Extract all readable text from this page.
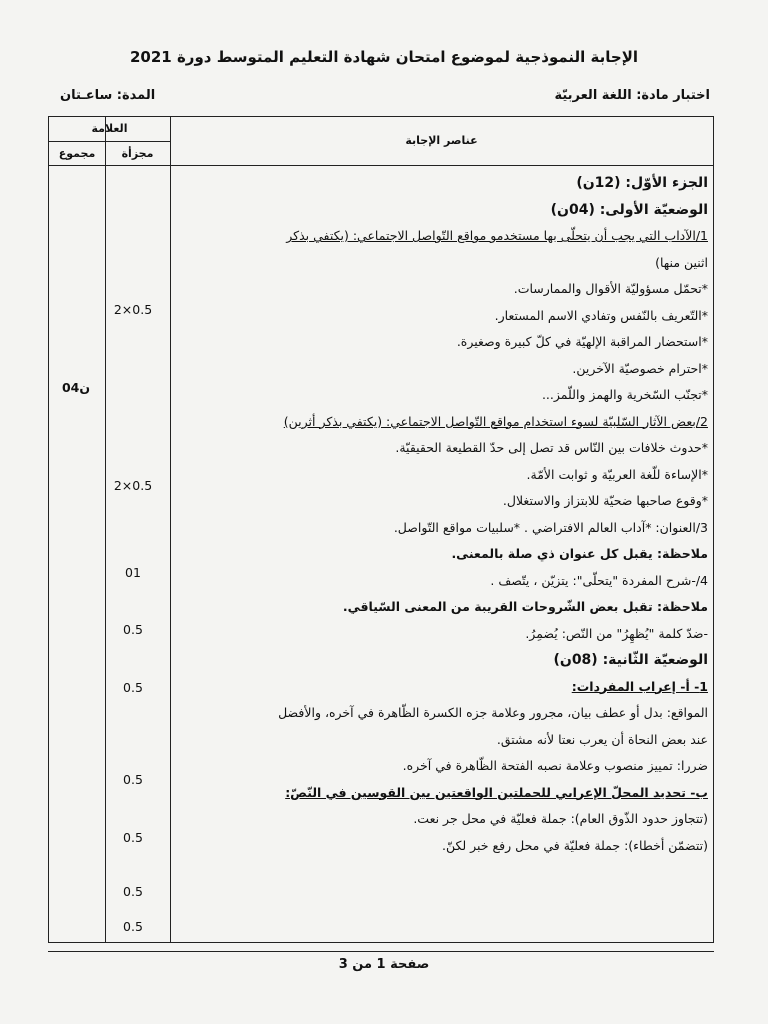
الإجابة النموذجية لموضوع امتحان شهادة التعليم المتوسط دورة 2021
اختبار مادة: اللغة العربيّة
المدة: ساعـتان
العلامة
مجزأة
مجموع
عناصر الإجابة
الجزء الأوّل: (12ن)
الوضعيّة الأولى: (04ن)
1/الآداب التي يجب أن يتحلّى بها مستخدمو مواقع التّواصل الاجتماعي: (يكتفي بذكر
اثنين منها)
*تحمّل مسؤوليّة الأقوال والممارسات.
*التّعريف بالنّفس وتفادي الاسم المستعار.
*استحضار المراقبة الإلهيّة في كلّ كبيرة وصغيرة.
*احترام خصوصيّة الآخرين.
*تجنّب السّخرية والهمز واللّمز...
2/بعض الآثار السّلبيّة لسوء استخدام مواقع التّواصل الاجتماعي: (يكتفي بذكر أثرين)
*حدوث خلافات بين النّاس قد تصل إلى حدّ القطيعة الحقيقيّة.
*الإساءة للّغة العربيّة و ثوابت الأمّة.
*وقوع صاحبها ضحيّة للابتزاز والاستغلال.
3/العنوان: *آداب العالم الافتراضي . *سلبيات مواقع التّواصل.
ملاحظة: يقبل كل عنوان ذي صلة بالمعنى.
4/-شرح المفردة "يتحلّى": يتزيّن ، يتّصف .
ملاحظة: تقبل بعض الشّروحات القريبة من المعنى السّياقي.
-ضدّ كلمة "يُظهِرُ" من النّص: يُضمِرُ.
الوضعيّة الثّانية: (08ن)
1- أ- إعراب المفردات:
المواقع: بدل أو عطف بيان، مجرور وعلامة جزه الكسرة الظّاهرة في آخره، والأفضل
عند بعض النحاة أن يعرب نعتا لأنه مشتق.
ضررا: تمييز منصوب وعلامة نصبه الفتحة الظّاهرة في آخره.
ب- تحديد المحلّ الإعرابي للجملتين الواقعتين بين القوسين في النّصّ:
(تتجاوز حدود الذّوق العام): جملة فعليّة في محل جر نعت.
(تتضمّن أخطاء): جملة فعليّة في محل رفع خبر لكنّ.
2×0.5
2×0.5
01
0.5
0.5
0.5
0.5
0.5
0.5
04ن
صفحة 1 من 3
